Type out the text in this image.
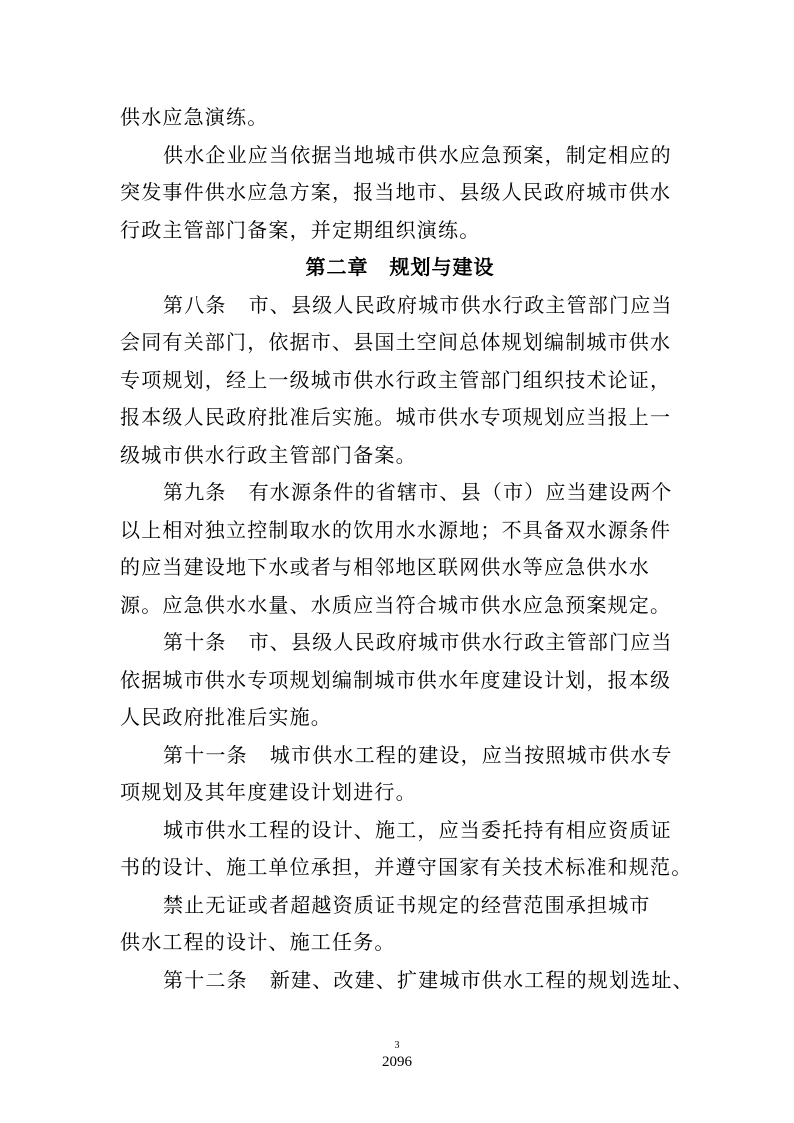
供水应急演练。
供水企业应当依据当地城市供水应急预案，制定相应的
突发事件供水应急方案，报当地市、县级人民政府城市供水
行政主管部门备案，并定期组织演练。
第二章　规划与建设
第八条 市、县级人民政府城市供水行政主管部门应当
会同有关部门，依据市、县国土空间总体规划编制城市供水
专项规划，经上一级城市供水行政主管部门组织技术论证，
报本级人民政府批准后实施。城市供水专项规划应当报上一
级城市供水行政主管部门备案。
第九条 有水源条件的省辖市、县（市）应当建设两个
以上相对独立控制取水的饮用水水源地；不具备双水源条件
的应当建设地下水或者与相邻地区联网供水等应急供水水
源。应急供水水量、水质应当符合城市供水应急预案规定。
第十条 市、县级人民政府城市供水行政主管部门应当
依据城市供水专项规划编制城市供水年度建设计划，报本级
人民政府批准后实施。
第十一条 城市供水工程的建设，应当按照城市供水专
项规划及其年度建设计划进行。
城市供水工程的设计、施工，应当委托持有相应资质证
书的设计、施工单位承担，并遵守国家有关技术标准和规范。
禁止无证或者超越资质证书规定的经营范围承担城市
供水工程的设计、施工任务。
第十二条 新建、改建、扩建城市供水工程的规划选址、
3
2096
